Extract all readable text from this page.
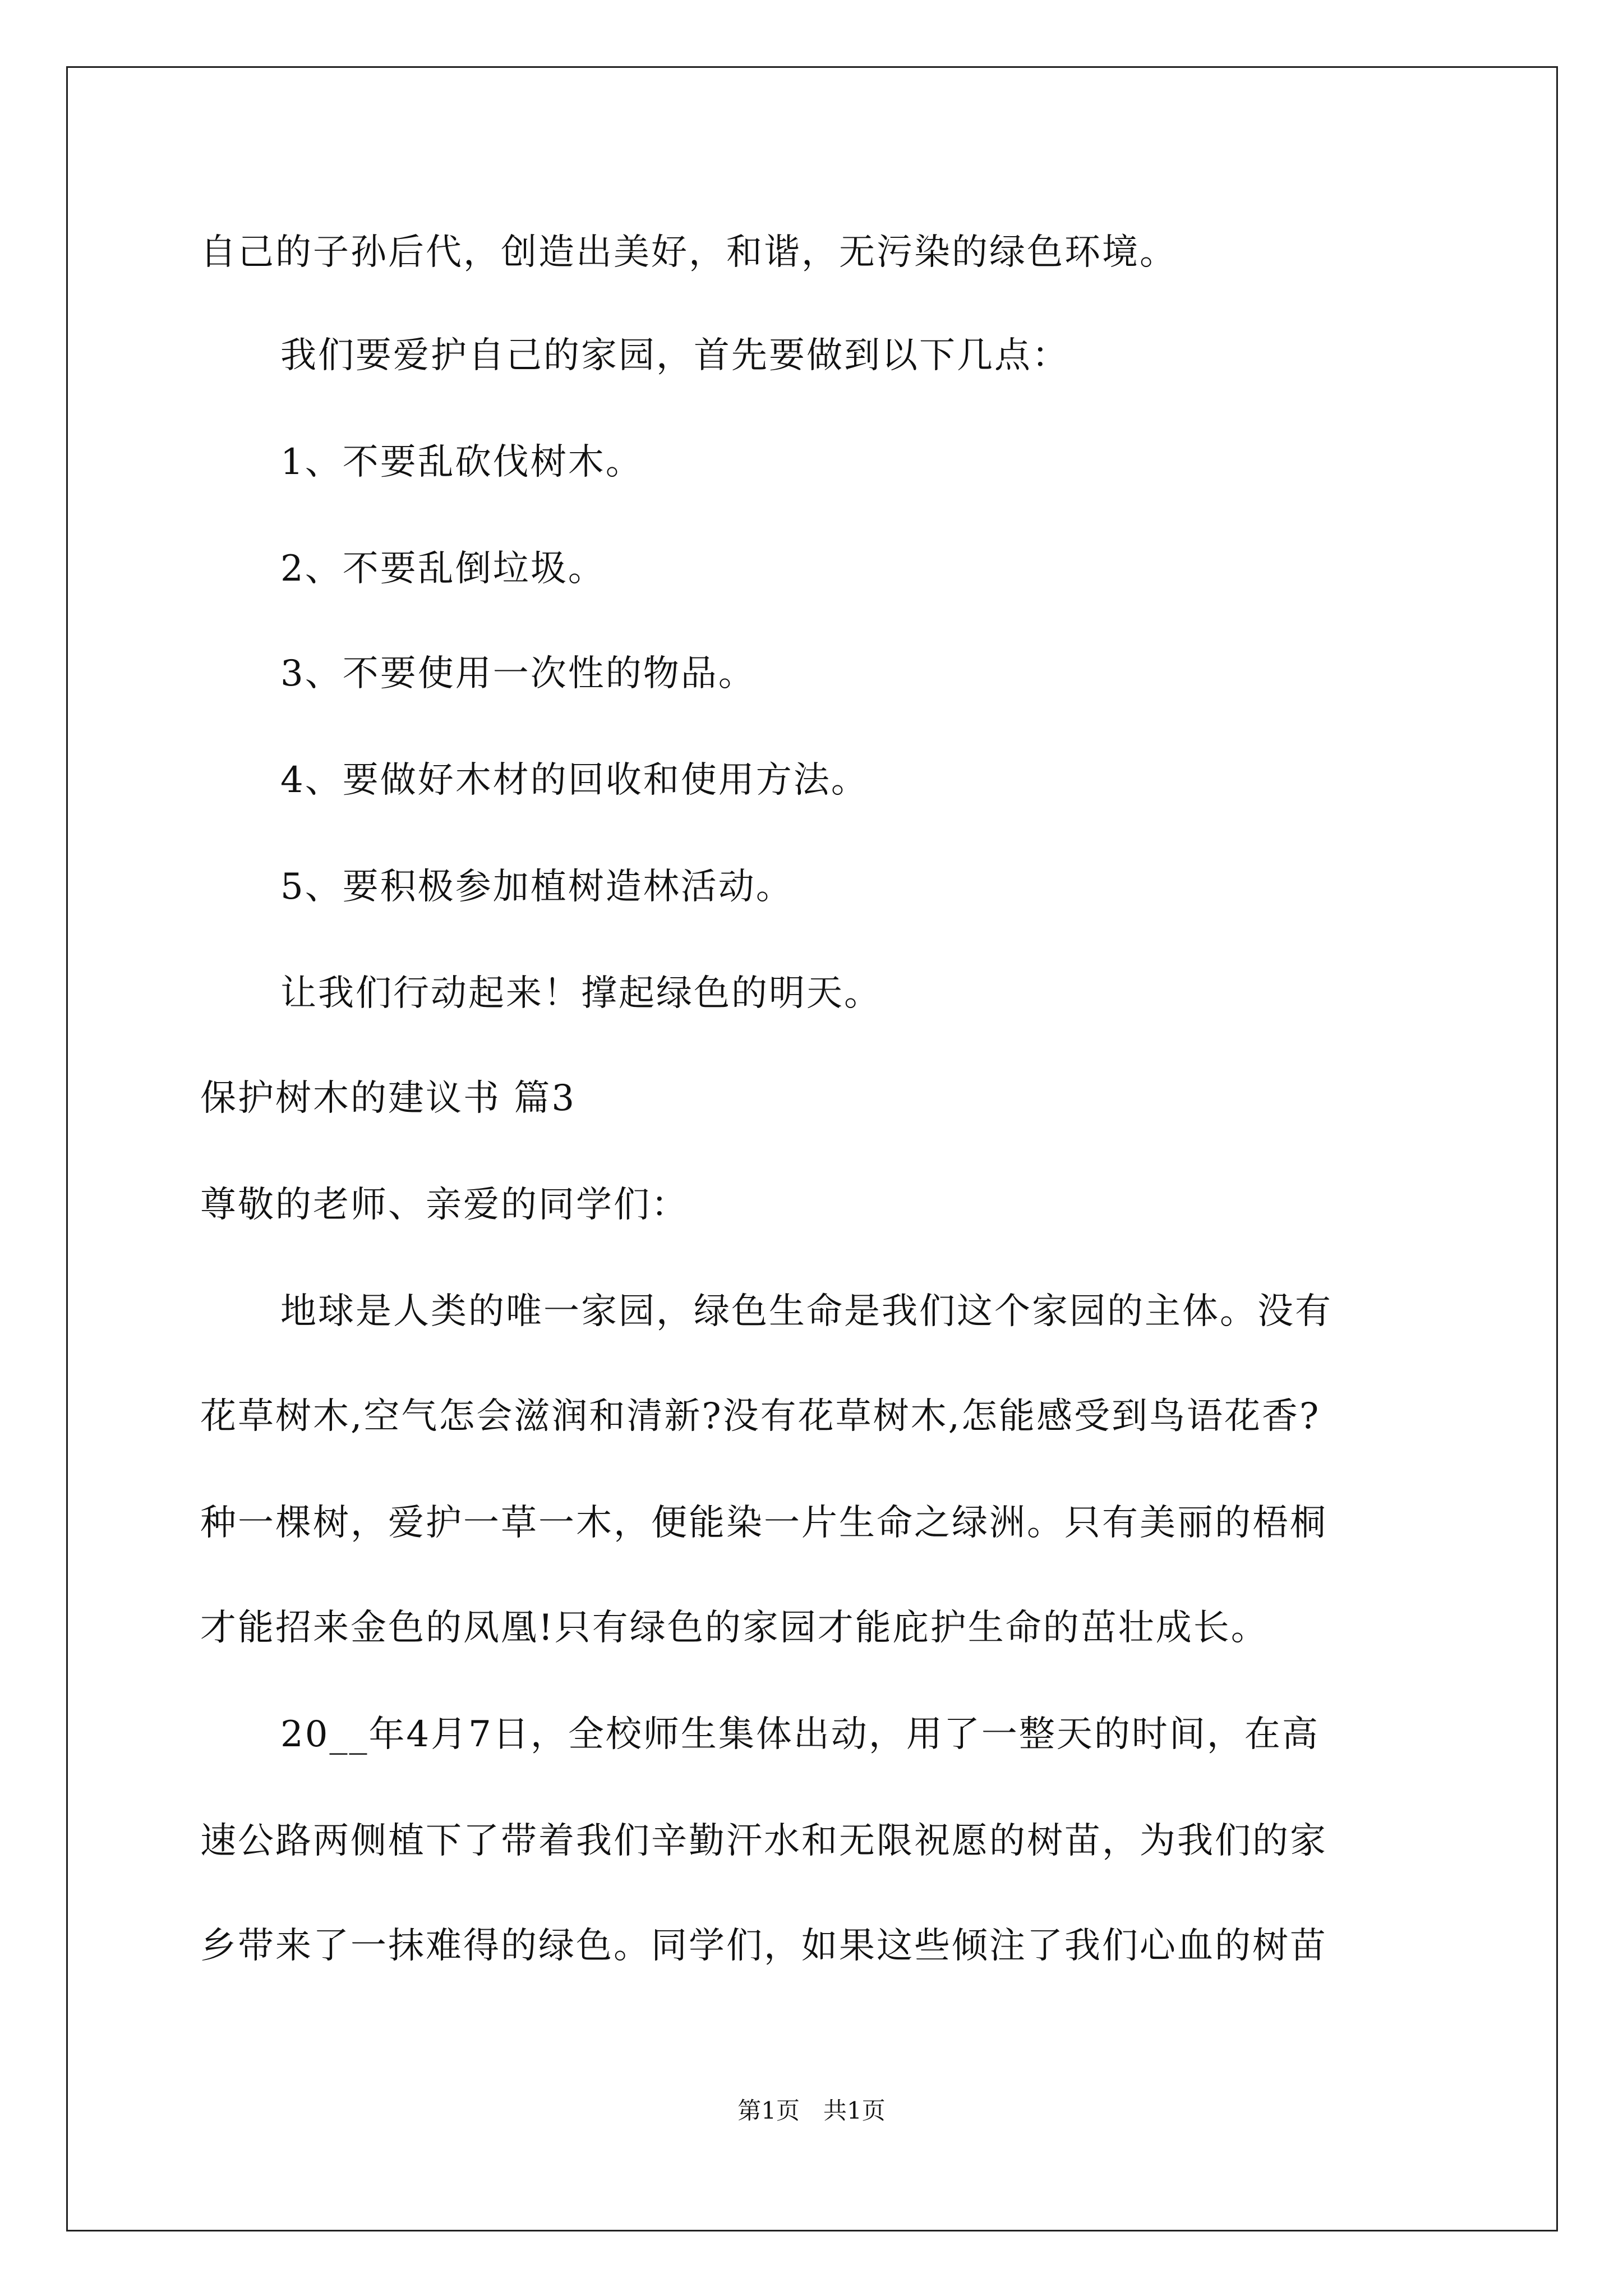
自己的子孙后代，创造出美好，和谐，无污染的绿色环境。
我们要爱护自己的家园，首先要做到以下几点：
1、不要乱砍伐树木。
2、不要乱倒垃圾。
3、不要使用一次性的物品。
4、要做好木材的回收和使用方法。
5、要积极参加植树造林活动。
让我们行动起来！撑起绿色的明天。
保护树木的建议书 篇3
尊敬的老师、亲爱的同学们：
地球是人类的唯一家园，绿色生命是我们这个家园的主体。没有
花草树木,空气怎会滋润和清新?没有花草树木,怎能感受到鸟语花香?
种一棵树，爱护一草一木，便能染一片生命之绿洲。只有美丽的梧桐
才能招来金色的凤凰!只有绿色的家园才能庇护生命的茁壮成长。
20__年4月7日，全校师生集体出动，用了一整天的时间，在高
速公路两侧植下了带着我们辛勤汗水和无限祝愿的树苗，为我们的家
乡带来了一抹难得的绿色。同学们，如果这些倾注了我们心血的树苗
第1页　共1页
